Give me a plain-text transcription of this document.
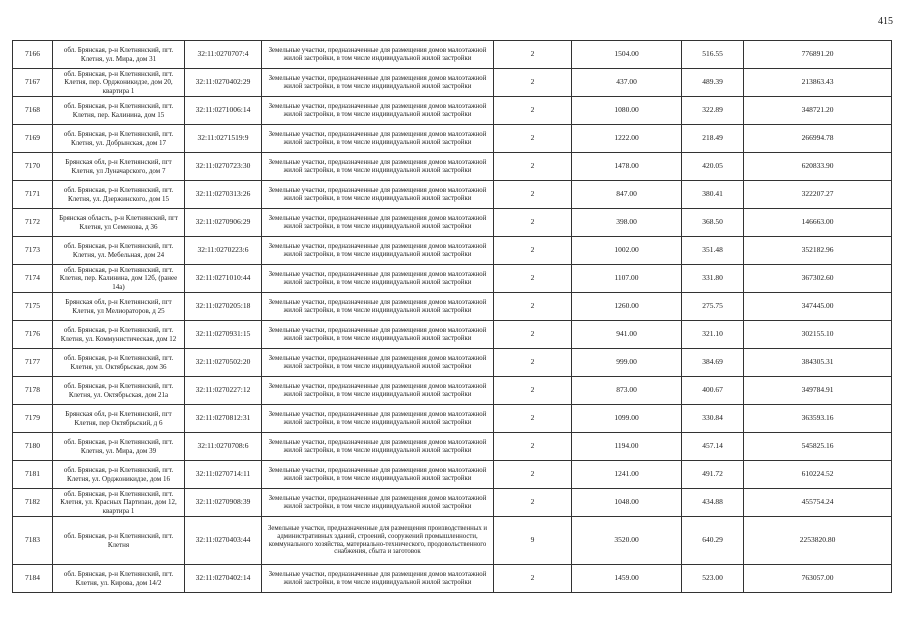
415
7166	обл. Брянская, р-н Клетнянский, пгт. Клетня, ул. Мира, дом 31	32:11:0270707:4	Земельные участки, предназначенные для размещения домов малоэтажной жилой застройки, в том числе индивидуальной жилой застройки	2	1504.00	516.55	776891.20
7167	обл. Брянская, р-н Клетнянский, пгт. Клетня, пер. Орджоникидзе, дом 20, квартира 1	32:11:0270402:29	Земельные участки, предназначенные для размещения домов малоэтажной жилой застройки, в том числе индивидуальной жилой застройки	2	437.00	489.39	213863.43
7168	обл. Брянская, р-н Клетнянский, пгт. Клетня, пер. Калинина, дом 15	32:11:0271006:14	Земельные участки, предназначенные для размещения домов малоэтажной жилой застройки, в том числе индивидуальной жилой застройки	2	1080.00	322.89	348721.20
7169	обл. Брянская, р-н Клетнянский, пгт. Клетня, ул. Добрынская, дом 17	32:11:0271519:9	Земельные участки, предназначенные для размещения домов малоэтажной жилой застройки, в том числе индивидуальной жилой застройки	2	1222.00	218.49	266994.78
7170	Брянская обл, р-н Клетнянский, пгт Клетня, ул Луначарского, дом 7	32:11:0270723:30	Земельные участки, предназначенные для размещения домов малоэтажной жилой застройки, в том числе индивидуальной жилой застройки	2	1478.00	420.05	620833.90
7171	обл. Брянская, р-н Клетнянский, пгт. Клетня, ул. Дзержинского, дом 15	32:11:0270313:26	Земельные участки, предназначенные для размещения домов малоэтажной жилой застройки, в том числе индивидуальной жилой застройки	2	847.00	380.41	322207.27
7172	Брянская область, р-н Клетнянский, пгт Клетня, ул Семенова, д 36	32:11:0270906:29	Земельные участки, предназначенные для размещения домов малоэтажной жилой застройки, в том числе индивидуальной жилой застройки	2	398.00	368.50	146663.00
7173	обл. Брянская, р-н Клетнянский, пгт. Клетня, ул. Мебельная, дом 24	32:11:0270223:6	Земельные участки, предназначенные для размещения домов малоэтажной жилой застройки, в том числе индивидуальной жилой застройки	2	1002.00	351.48	352182.96
7174	обл. Брянская, р-н Клетнянский, пгт. Клетня, пер. Калинина, дом 12б, (ранее 14а)	32:11:0271010:44	Земельные участки, предназначенные для размещения домов малоэтажной жилой застройки, в том числе индивидуальной жилой застройки	2	1107.00	331.80	367302.60
7175	Брянская обл, р-н Клетнянский, пгт Клетня, ул Мелиораторов, д 25	32:11:0270205:18	Земельные участки, предназначенные для размещения домов малоэтажной жилой застройки, в том числе индивидуальной жилой застройки	2	1260.00	275.75	347445.00
7176	обл. Брянская, р-н Клетнянский, пгт. Клетня, ул. Коммунистическая, дом 12	32:11:0270931:15	Земельные участки, предназначенные для размещения домов малоэтажной жилой застройки, в том числе индивидуальной жилой застройки	2	941.00	321.10	302155.10
7177	обл. Брянская, р-н Клетнянский, пгт. Клетня, ул. Октябрьская, дом 36	32:11:0270502:20	Земельные участки, предназначенные для размещения домов малоэтажной жилой застройки, в том числе индивидуальной жилой застройки	2	999.00	384.69	384305.31
7178	обл. Брянская, р-н Клетнянский, пгт. Клетня, ул. Октябрьская, дом 21а	32:11:0270227:12	Земельные участки, предназначенные для размещения домов малоэтажной жилой застройки, в том числе индивидуальной жилой застройки	2	873.00	400.67	349784.91
7179	Брянская обл, р-н Клетнянский, пгт Клетня, пер Октябрьский, д 6	32:11:0270812:31	Земельные участки, предназначенные для размещения домов малоэтажной жилой застройки, в том числе индивидуальной жилой застройки	2	1099.00	330.84	363593.16
7180	обл. Брянская, р-н Клетнянский, пгт. Клетня, ул. Мира, дом 39	32:11:0270708:6	Земельные участки, предназначенные для размещения домов малоэтажной жилой застройки, в том числе индивидуальной жилой застройки	2	1194.00	457.14	545825.16
7181	обл. Брянская, р-н Клетнянский, пгт. Клетня, ул. Орджоникидзе, дом 16	32:11:0270714:11	Земельные участки, предназначенные для размещения домов малоэтажной жилой застройки, в том числе индивидуальной жилой застройки	2	1241.00	491.72	610224.52
7182	обл. Брянская, р-н Клетнянский, пгт. Клетня, ул. Красных Партизан, дом 12, квартира 1	32:11:0270908:39	Земельные участки, предназначенные для размещения домов малоэтажной жилой застройки, в том числе индивидуальной жилой застройки	2	1048.00	434.88	455754.24
7183	обл. Брянская, р-н Клетнянский, пгт. Клетня	32:11:0270403:44	Земельные участки, предназначенные для размещения производственных и административных зданий, строений, сооружений промышленности, коммунального хозяйства, материально-технического, продовольственного снабжения, сбыта и заготовок	9	3520.00	640.29	2253820.80
7184	обл. Брянская, р-н Клетнянский, пгт. Клетня, ул. Кирова, дом 14/2	32:11:0270402:14	Земельные участки, предназначенные для размещения домов малоэтажной жилой застройки, в том числе индивидуальной жилой застройки	2	1459.00	523.00	763057.00
